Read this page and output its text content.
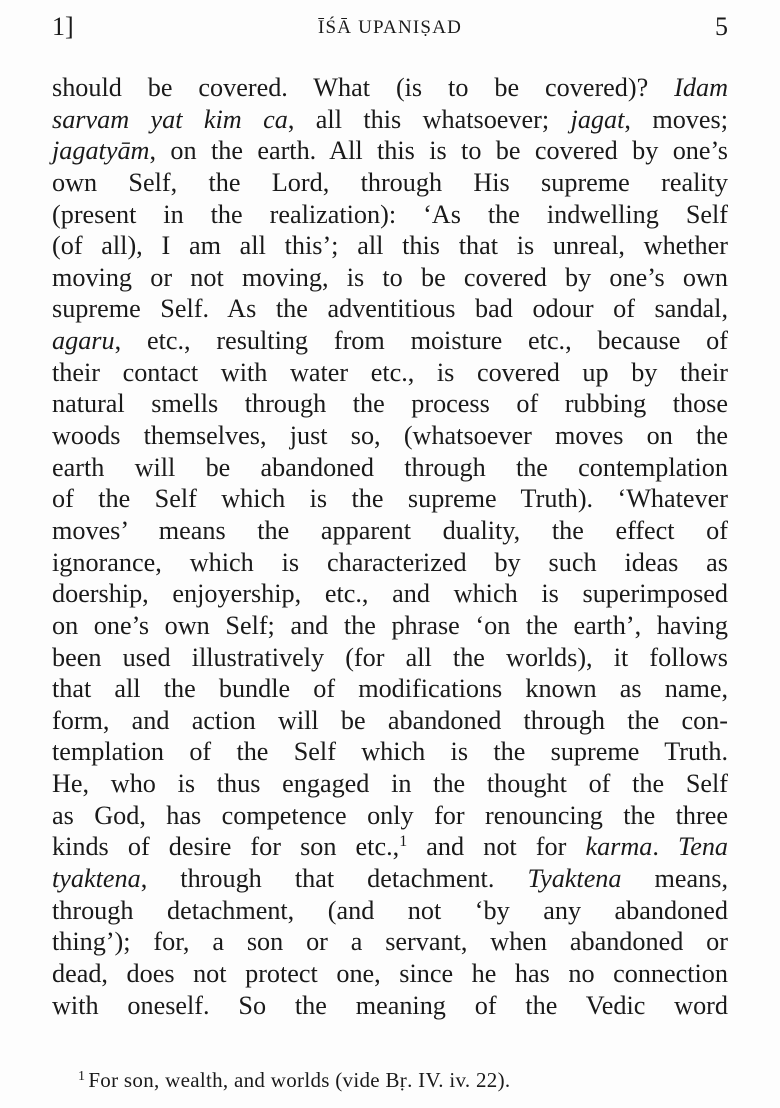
1]	ĪŚĀ UPANIṢAD	5
should be covered. What (is to be covered)? Idam
sarvam yat kim ca, all this whatsoever; jagat, moves;
jagatyām, on the earth. All this is to be covered by one’s
own Self, the Lord, through His supreme reality
(present in the realization): ‘As the indwelling Self
(of all), I am all this’; all this that is unreal, whether
moving or not moving, is to be covered by one’s own
supreme Self. As the adventitious bad odour of sandal,
agaru, etc., resulting from moisture etc., because of
their contact with water etc., is covered up by their
natural smells through the process of rubbing those
woods themselves, just so, (whatsoever moves on the
earth will be abandoned through the contemplation
of the Self which is the supreme Truth). ‘Whatever
moves’ means the apparent duality, the effect of
ignorance, which is characterized by such ideas as
doership, enjoyership, etc., and which is superimposed
on one’s own Self; and the phrase ‘on the earth’, having
been used illustratively (for all the worlds), it follows
that all the bundle of modifications known as name,
form, and action will be abandoned through the con-
templation of the Self which is the supreme Truth.
He, who is thus engaged in the thought of the Self
as God, has competence only for renouncing the three
kinds of desire for son etc.,$^1$ and not for karma. Tena
tyaktena, through that detachment. Tyaktena means,
through detachment, (and not ‘by any abandoned
thing’); for, a son or a servant, when abandoned or
dead, does not protect one, since he has no connection
with oneself. So the meaning of the Vedic word
$^1$ For son, wealth, and worlds (vide Bṛ. IV. iv. 22).
